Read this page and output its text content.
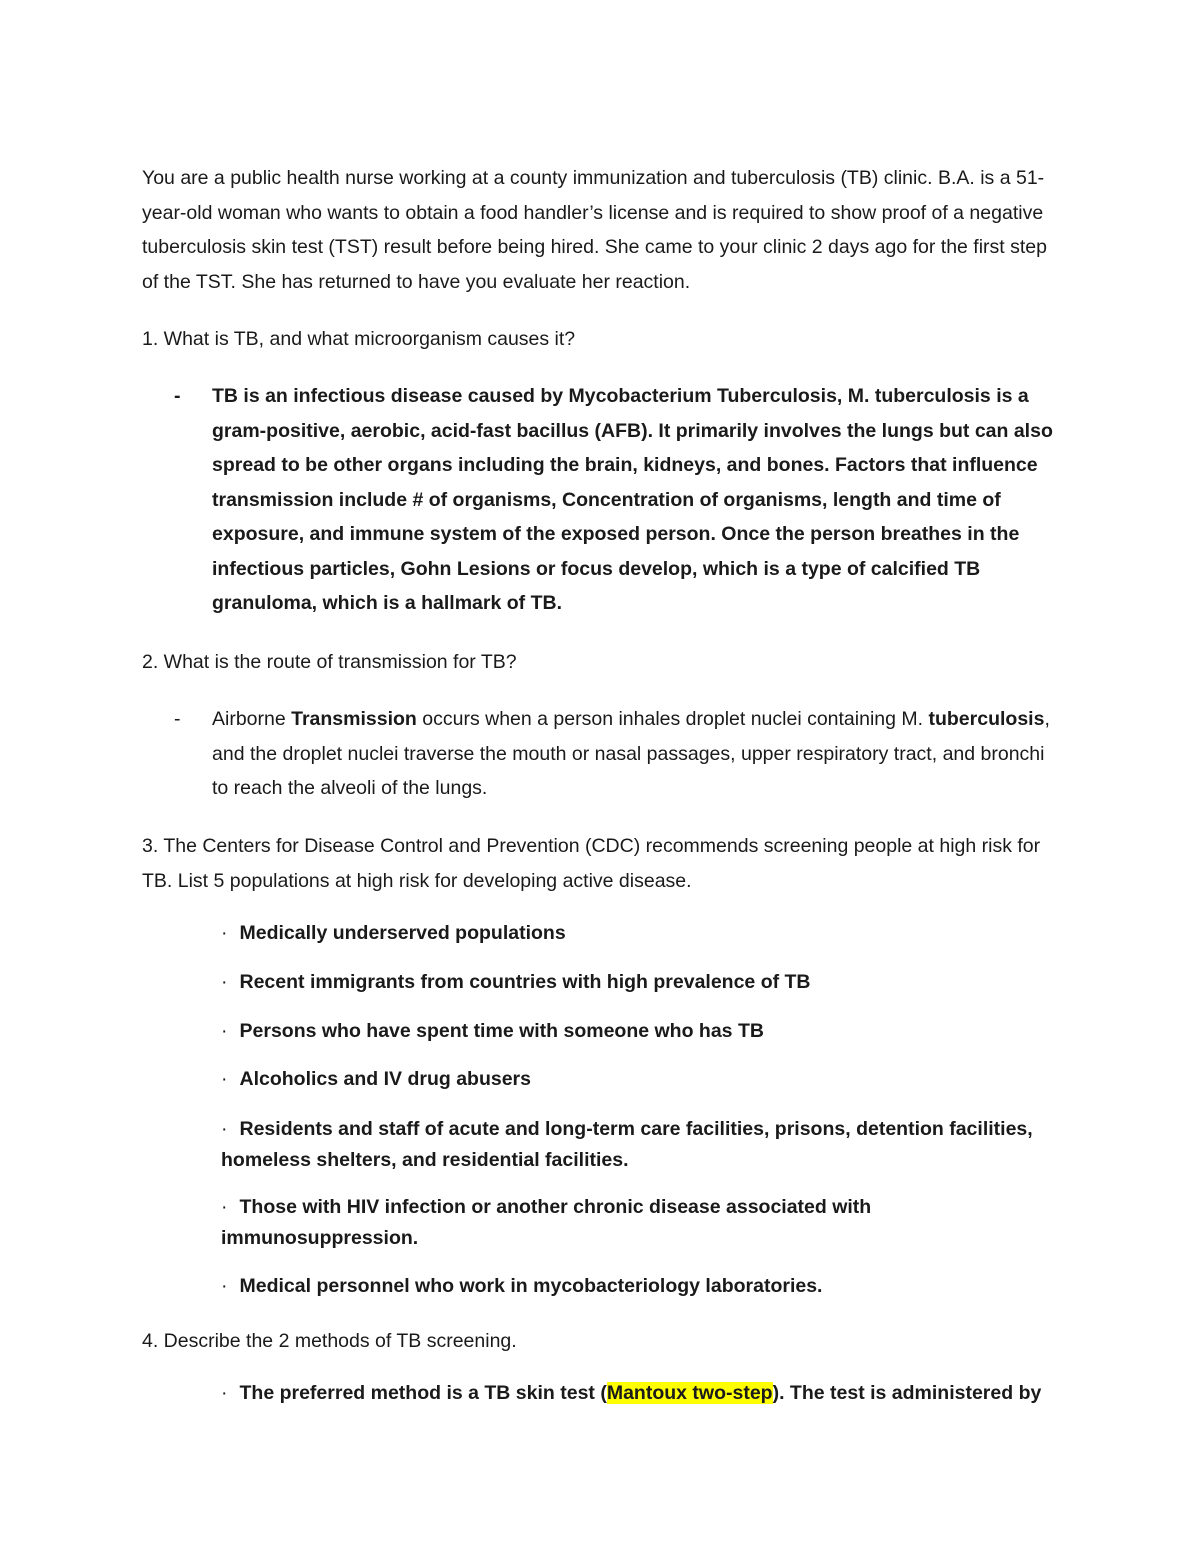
You are a public health nurse working at a county immunization and tuberculosis (TB) clinic. B.A. is a 51-year-old woman who wants to obtain a food handler’s license and is required to show proof of a negative tuberculosis skin test (TST) result before being hired. She came to your clinic 2 days ago for the first step of the TST. She has returned to have you evaluate her reaction.

1. What is TB, and what microorganism causes it?

- TB is an infectious disease caused by Mycobacterium Tuberculosis, M. tuberculosis is a gram-positive, aerobic, acid-fast bacillus (AFB). It primarily involves the lungs but can also spread to be other organs including the brain, kidneys, and bones. Factors that influence transmission include # of organisms, Concentration of organisms, length and time of exposure, and immune system of the exposed person. Once the person breathes in the infectious particles, Gohn Lesions or focus develop, which is a type of calcified TB granuloma, which is a hallmark of TB.

2. What is the route of transmission for TB?

- Airborne Transmission occurs when a person inhales droplet nuclei containing M. tuberculosis, and the droplet nuclei traverse the mouth or nasal passages, upper respiratory tract, and bronchi to reach the alveoli of the lungs.

3. The Centers for Disease Control and Prevention (CDC) recommends screening people at high risk for TB. List 5 populations at high risk for developing active disease.

· Medically underserved populations

· Recent immigrants from countries with high prevalence of TB

· Persons who have spent time with someone who has TB

· Alcoholics and IV drug abusers

· Residents and staff of acute and long-term care facilities, prisons, detention facilities, homeless shelters, and residential facilities.

· Those with HIV infection or another chronic disease associated with immunosuppression.

· Medical personnel who work in mycobacteriology laboratories.

4. Describe the 2 methods of TB screening.

· The preferred method is a TB skin test (Mantoux two-step). The test is administered by
